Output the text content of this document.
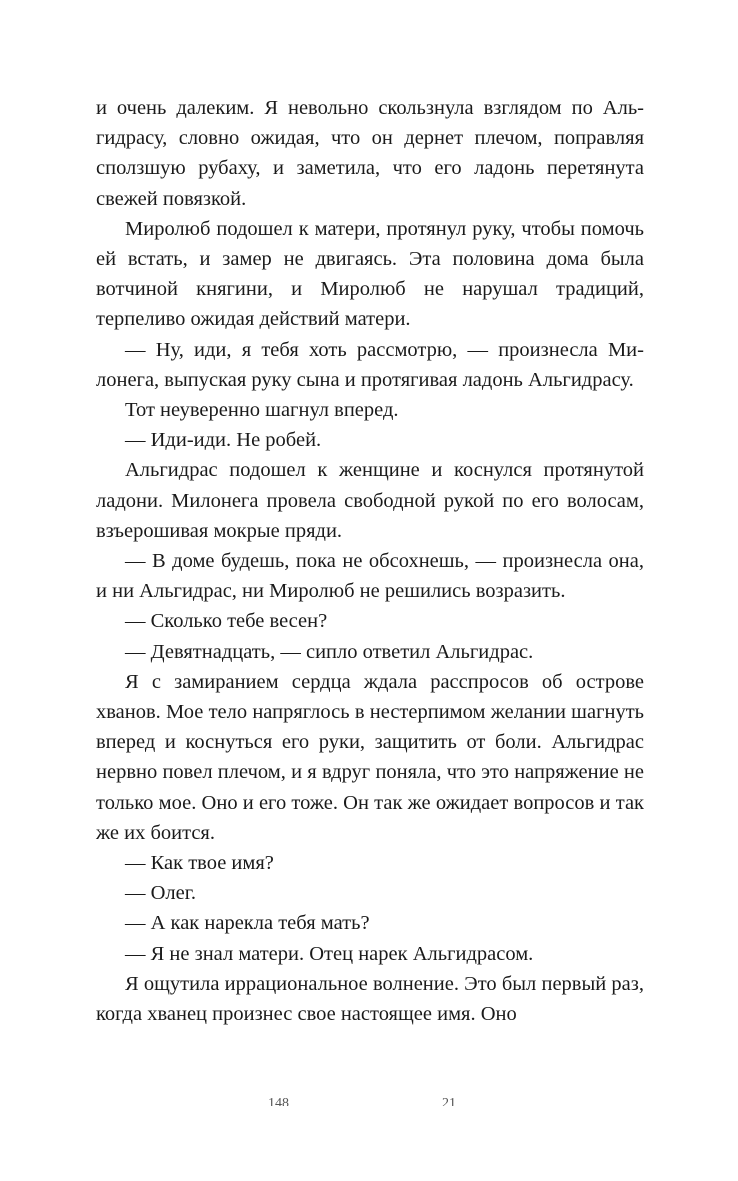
и очень далеким. Я невольно скользнула взглядом по Альгидрасу, словно ожидая, что он дернет плечом, поправляя сползшую рубаху, и заметила, что его ладонь перетянута свежей повязкой.

Миролюб подошел к матери, протянул руку, чтобы помочь ей встать, и замер не двигаясь. Эта половина дома была вотчиной княгини, и Миролюб не нарушал традиций, терпеливо ожидая действий матери.

— Ну, иди, я тебя хоть рассмотрю, — произнесла Милонега, выпуская руку сына и протягивая ладонь Альгидрасу.

Тот неуверенно шагнул вперед.

— Иди-иди. Не робей.

Альгидрас подошел к женщине и коснулся протянутой ладони. Милонега провела свободной рукой по его волосам, взъерошивая мокрые пряди.

— В доме будешь, пока не обсохнешь, — произнесла она, и ни Альгидрас, ни Миролюб не решились возразить.

— Сколько тебе весен?

— Девятнадцать, — сипло ответил Альгидрас.

Я с замиранием сердца ждала расспросов об острове хванов. Мое тело напряглось в нестерпимом желании шагнуть вперед и коснуться его руки, защитить от боли. Альгидрас нервно повел плечом, и я вдруг поняла, что это напряжение не только мое. Оно и его тоже. Он так же ожидает вопросов и так же их боится.

— Как твое имя?

— Олег.

— А как нарекла тебя мать?

— Я не знал матери. Отец нарек Альгидрасом.

Я ощутила иррациональное волнение. Это был первый раз, когда хванец произнес свое настоящее имя. Оно

148	21
